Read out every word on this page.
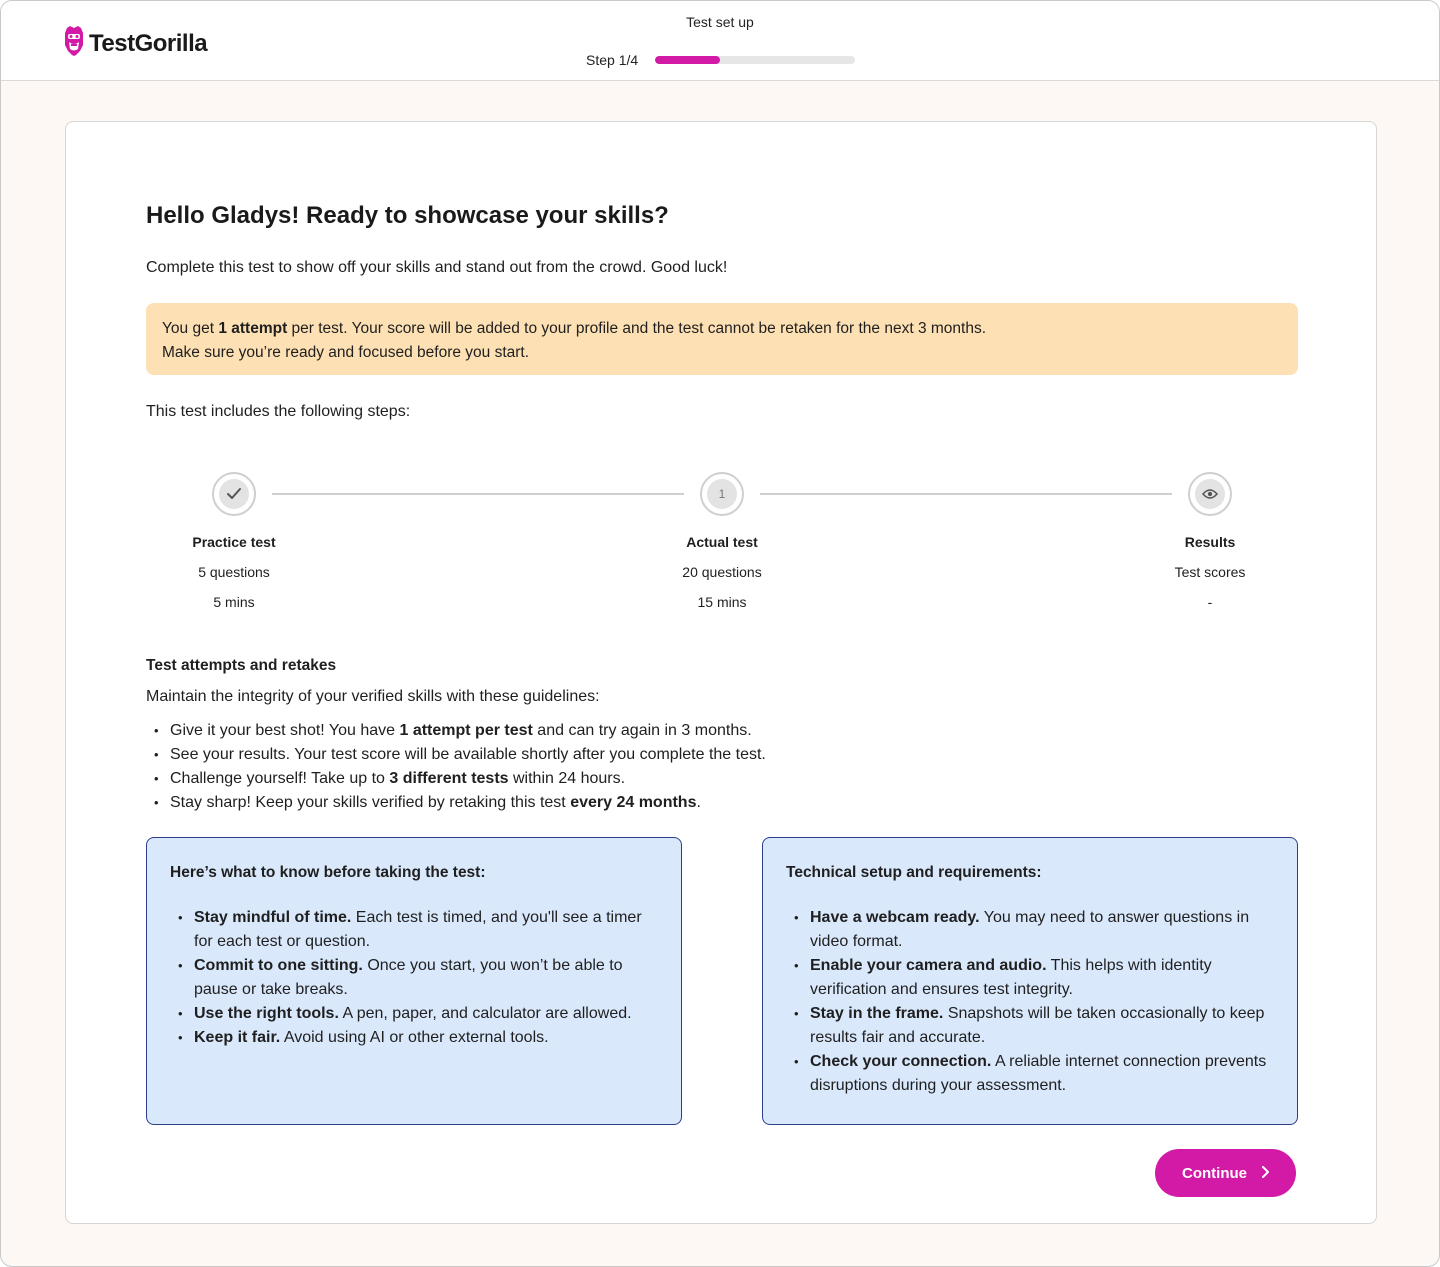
TestGorilla
Test set up
Step 1/4
Hello Gladys! Ready to showcase your skills?

Complete this test to show off your skills and stand out from the crowd. Good luck!

You get 1 attempt per test. Your score will be added to your profile and the test cannot be retaken for the next 3 months.
Make sure you’re ready and focused before you start.

This test includes the following steps:

Practice test
5 questions
5 mins
1
Actual test
20 questions
15 mins
Results
Test scores
-
Test attempts and retakes

Maintain the integrity of your verified skills with these guidelines:

• Give it your best shot! You have 1 attempt per test and can try again in 3 months.
• See your results. Your test score will be available shortly after you complete the test.
• Challenge yourself! Take up to 3 different tests within 24 hours.
• Stay sharp! Keep your skills verified by retaking this test every 24 months.
Here’s what to know before taking the test:
• Stay mindful of time. Each test is timed, and you'll see a timer for each test or question.
• Commit to one sitting. Once you start, you won’t be able to pause or take breaks.
• Use the right tools. A pen, paper, and calculator are allowed.
• Keep it fair. Avoid using AI or other external tools.
Technical setup and requirements:
• Have a webcam ready. You may need to answer questions in video format.
• Enable your camera and audio. This helps with identity verification and ensures test integrity.
• Stay in the frame. Snapshots will be taken occasionally to keep results fair and accurate.
• Check your connection. A reliable internet connection prevents disruptions during your assessment.
Continue
